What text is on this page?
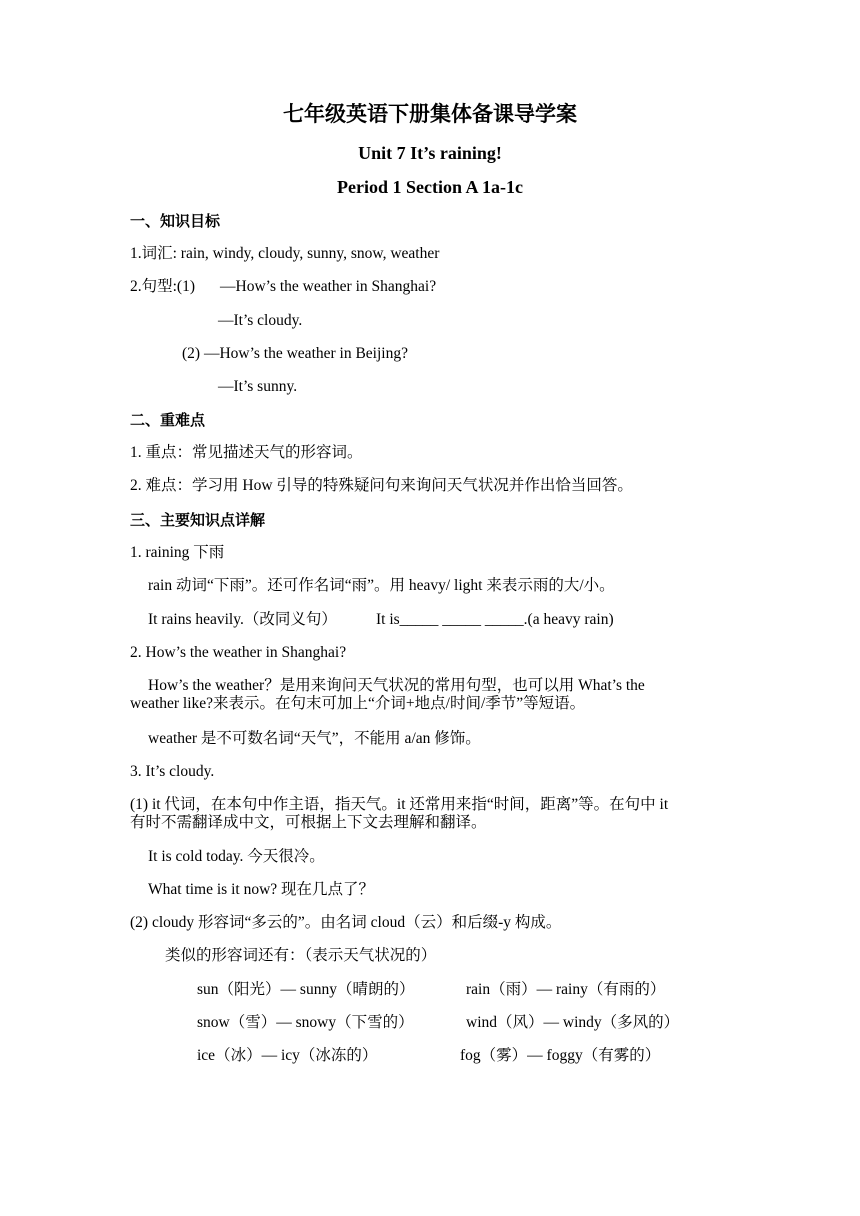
七年级英语下册集体备课导学案
Unit 7 It’s raining!
Period 1 Section A 1a-1c
一、知识目标
1.词汇: rain, windy, cloudy, sunny, snow, weather
2.句型:(1) —How’s the weather in Shanghai?
—It’s cloudy.
(2) —How’s the weather in Beijing?
—It’s sunny.
二、重难点
1. 重点：常见描述天气的形容词。
2. 难点：学习用 How 引导的特殊疑问句来询问天气状况并作出恰当回答。
三、主要知识点详解
1. raining 下雨
rain 动词“下雨”。还可作名词“雨”。用 heavy/ light 来表示雨的大/小。
It rains heavily.（改同义句）	It is_____ _____ _____.(a heavy rain)
2. How’s the weather in Shanghai?
How’s the weather？是用来询问天气状况的常用句型，也可以用 What’s the
weather like?来表示。在句末可加上“介词+地点/时间/季节”等短语。
weather 是不可数名词“天气”，不能用 a/an 修饰。
3. It’s cloudy.
(1) it 代词，在本句中作主语，指天气。it 还常用来指“时间，距离”等。在句中 it
有时不需翻译成中文，可根据上下文去理解和翻译。
It is cold today. 今天很冷。
What time is it now? 现在几点了？
(2) cloudy 形容词“多云的”。由名词 cloud（云）和后缀-y 构成。
类似的形容词还有：（表示天气状况的）
sun（阳光）— sunny（晴朗的）	rain（雨）— rainy（有雨的）
snow（雪）— snowy（下雪的）	wind（风）— windy（多风的）
ice（冰）— icy（冰冻的）	fog（雾）— foggy（有雾的）
